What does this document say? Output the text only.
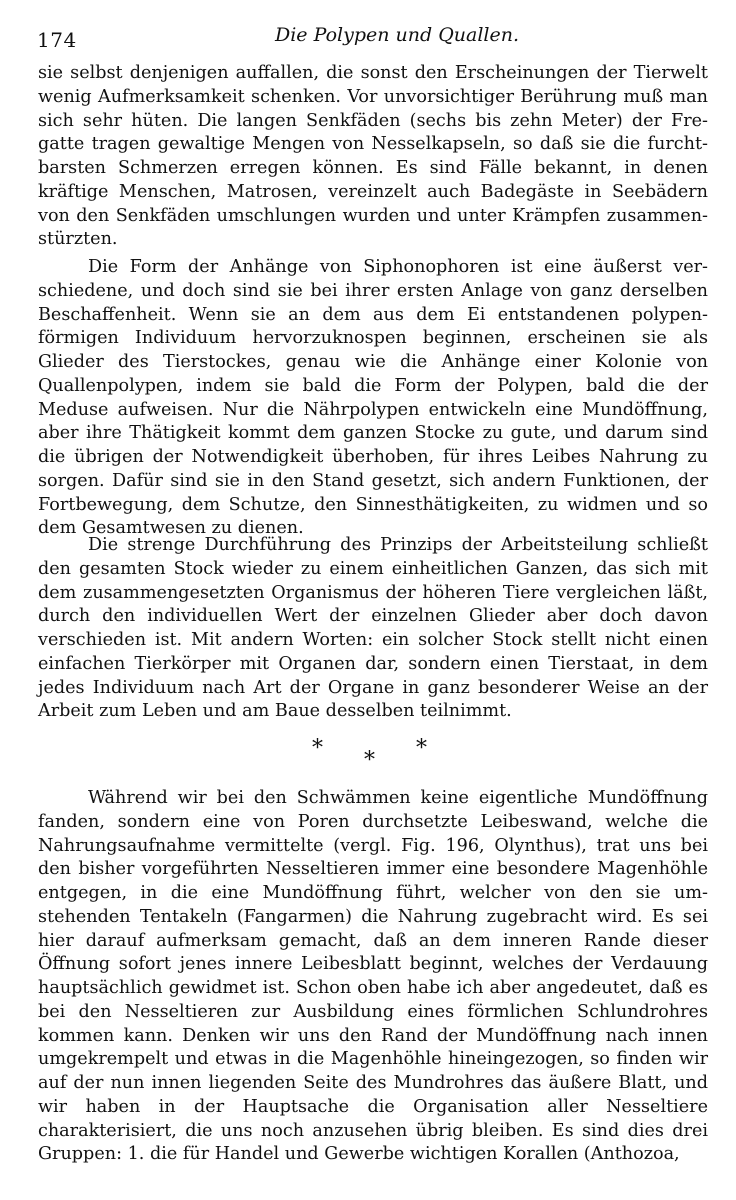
174	Die Polypen und Quallen.

sie selbst denjenigen auffallen, die sonst den Erscheinungen der Tierwelt wenig Aufmerksamkeit schenken. Vor unvorsichtiger Berührung muß man sich sehr hüten. Die langen Senkfäden (sechs bis zehn Meter) der Fregatte tragen gewaltige Mengen von Nesselkapseln, so daß sie die furchtbarsten Schmerzen erregen können. Es sind Fälle bekannt, in denen kräftige Menschen, Matrosen, vereinzelt auch Badegäste in Seebädern von den Senkfäden umschlungen wurden und unter Krämpfen zusammenstürzten.

Die Form der Anhänge von Siphonophoren ist eine äußerst verschiedene, und doch sind sie bei ihrer ersten Anlage von ganz derselben Beschaffenheit. Wenn sie an dem aus dem Ei entstandenen polypenförmigen Individuum hervorzuknospen beginnen, erscheinen sie als Glieder des Tierstockes, genau wie die Anhänge einer Kolonie von Quallenpolypen, indem sie bald die Form der Polypen, bald die der Meduse aufweisen. Nur die Nährpolypen entwickeln eine Mundöffnung, aber ihre Thätigkeit kommt dem ganzen Stocke zu gute, und darum sind die übrigen der Notwendigkeit überhoben, für ihres Leibes Nahrung zu sorgen. Dafür sind sie in den Stand gesetzt, sich andern Funktionen, der Fortbewegung, dem Schutze, den Sinnesthätigkeiten, zu widmen und so dem Gesamtwesen zu dienen.

Die strenge Durchführung des Prinzips der Arbeitsteilung schließt den gesamten Stock wieder zu einem einheitlichen Ganzen, das sich mit dem zusammengesetzten Organismus der höheren Tiere vergleichen läßt, durch den individuellen Wert der einzelnen Glieder aber doch davon verschieden ist. Mit andern Worten: ein solcher Stock stellt nicht einen einfachen Tierkörper mit Organen dar, sondern einen Tierstaat, in dem jedes Individuum nach Art der Organe in ganz besonderer Weise an der Arbeit zum Leben und am Baue desselben teilnimmt.

* * *

Während wir bei den Schwämmen keine eigentliche Mundöffnung fanden, sondern eine von Poren durchsetzte Leibeswand, welche die Nahrungsaufnahme vermittelte (vergl. Fig. 196, Olynthus), trat uns bei den bisher vorgeführten Nesseltieren immer eine besondere Magenhöhle entgegen, in die eine Mundöffnung führt, welcher von den sie umstehenden Tentakeln (Fangarmen) die Nahrung zugebracht wird. Es sei hier darauf aufmerksam gemacht, daß an dem inneren Rande dieser Öffnung sofort jenes innere Leibesblatt beginnt, welches der Verdauung hauptsächlich gewidmet ist. Schon oben habe ich aber angedeutet, daß es bei den Nesseltieren zur Ausbildung eines förmlichen Schlundrohres kommen kann. Denken wir uns den Rand der Mundöffnung nach innen umgekrempelt und etwas in die Magenhöhle hineingezogen, so finden wir auf der nun innen liegenden Seite des Mundrohres das äußere Blatt, und wir haben in der Hauptsache die Organisation aller Nesseltiere charakterisiert, die uns noch anzusehen übrig bleiben. Es sind dies drei Gruppen: 1. die für Handel und Gewerbe wichtigen Korallen (Anthozoa,
